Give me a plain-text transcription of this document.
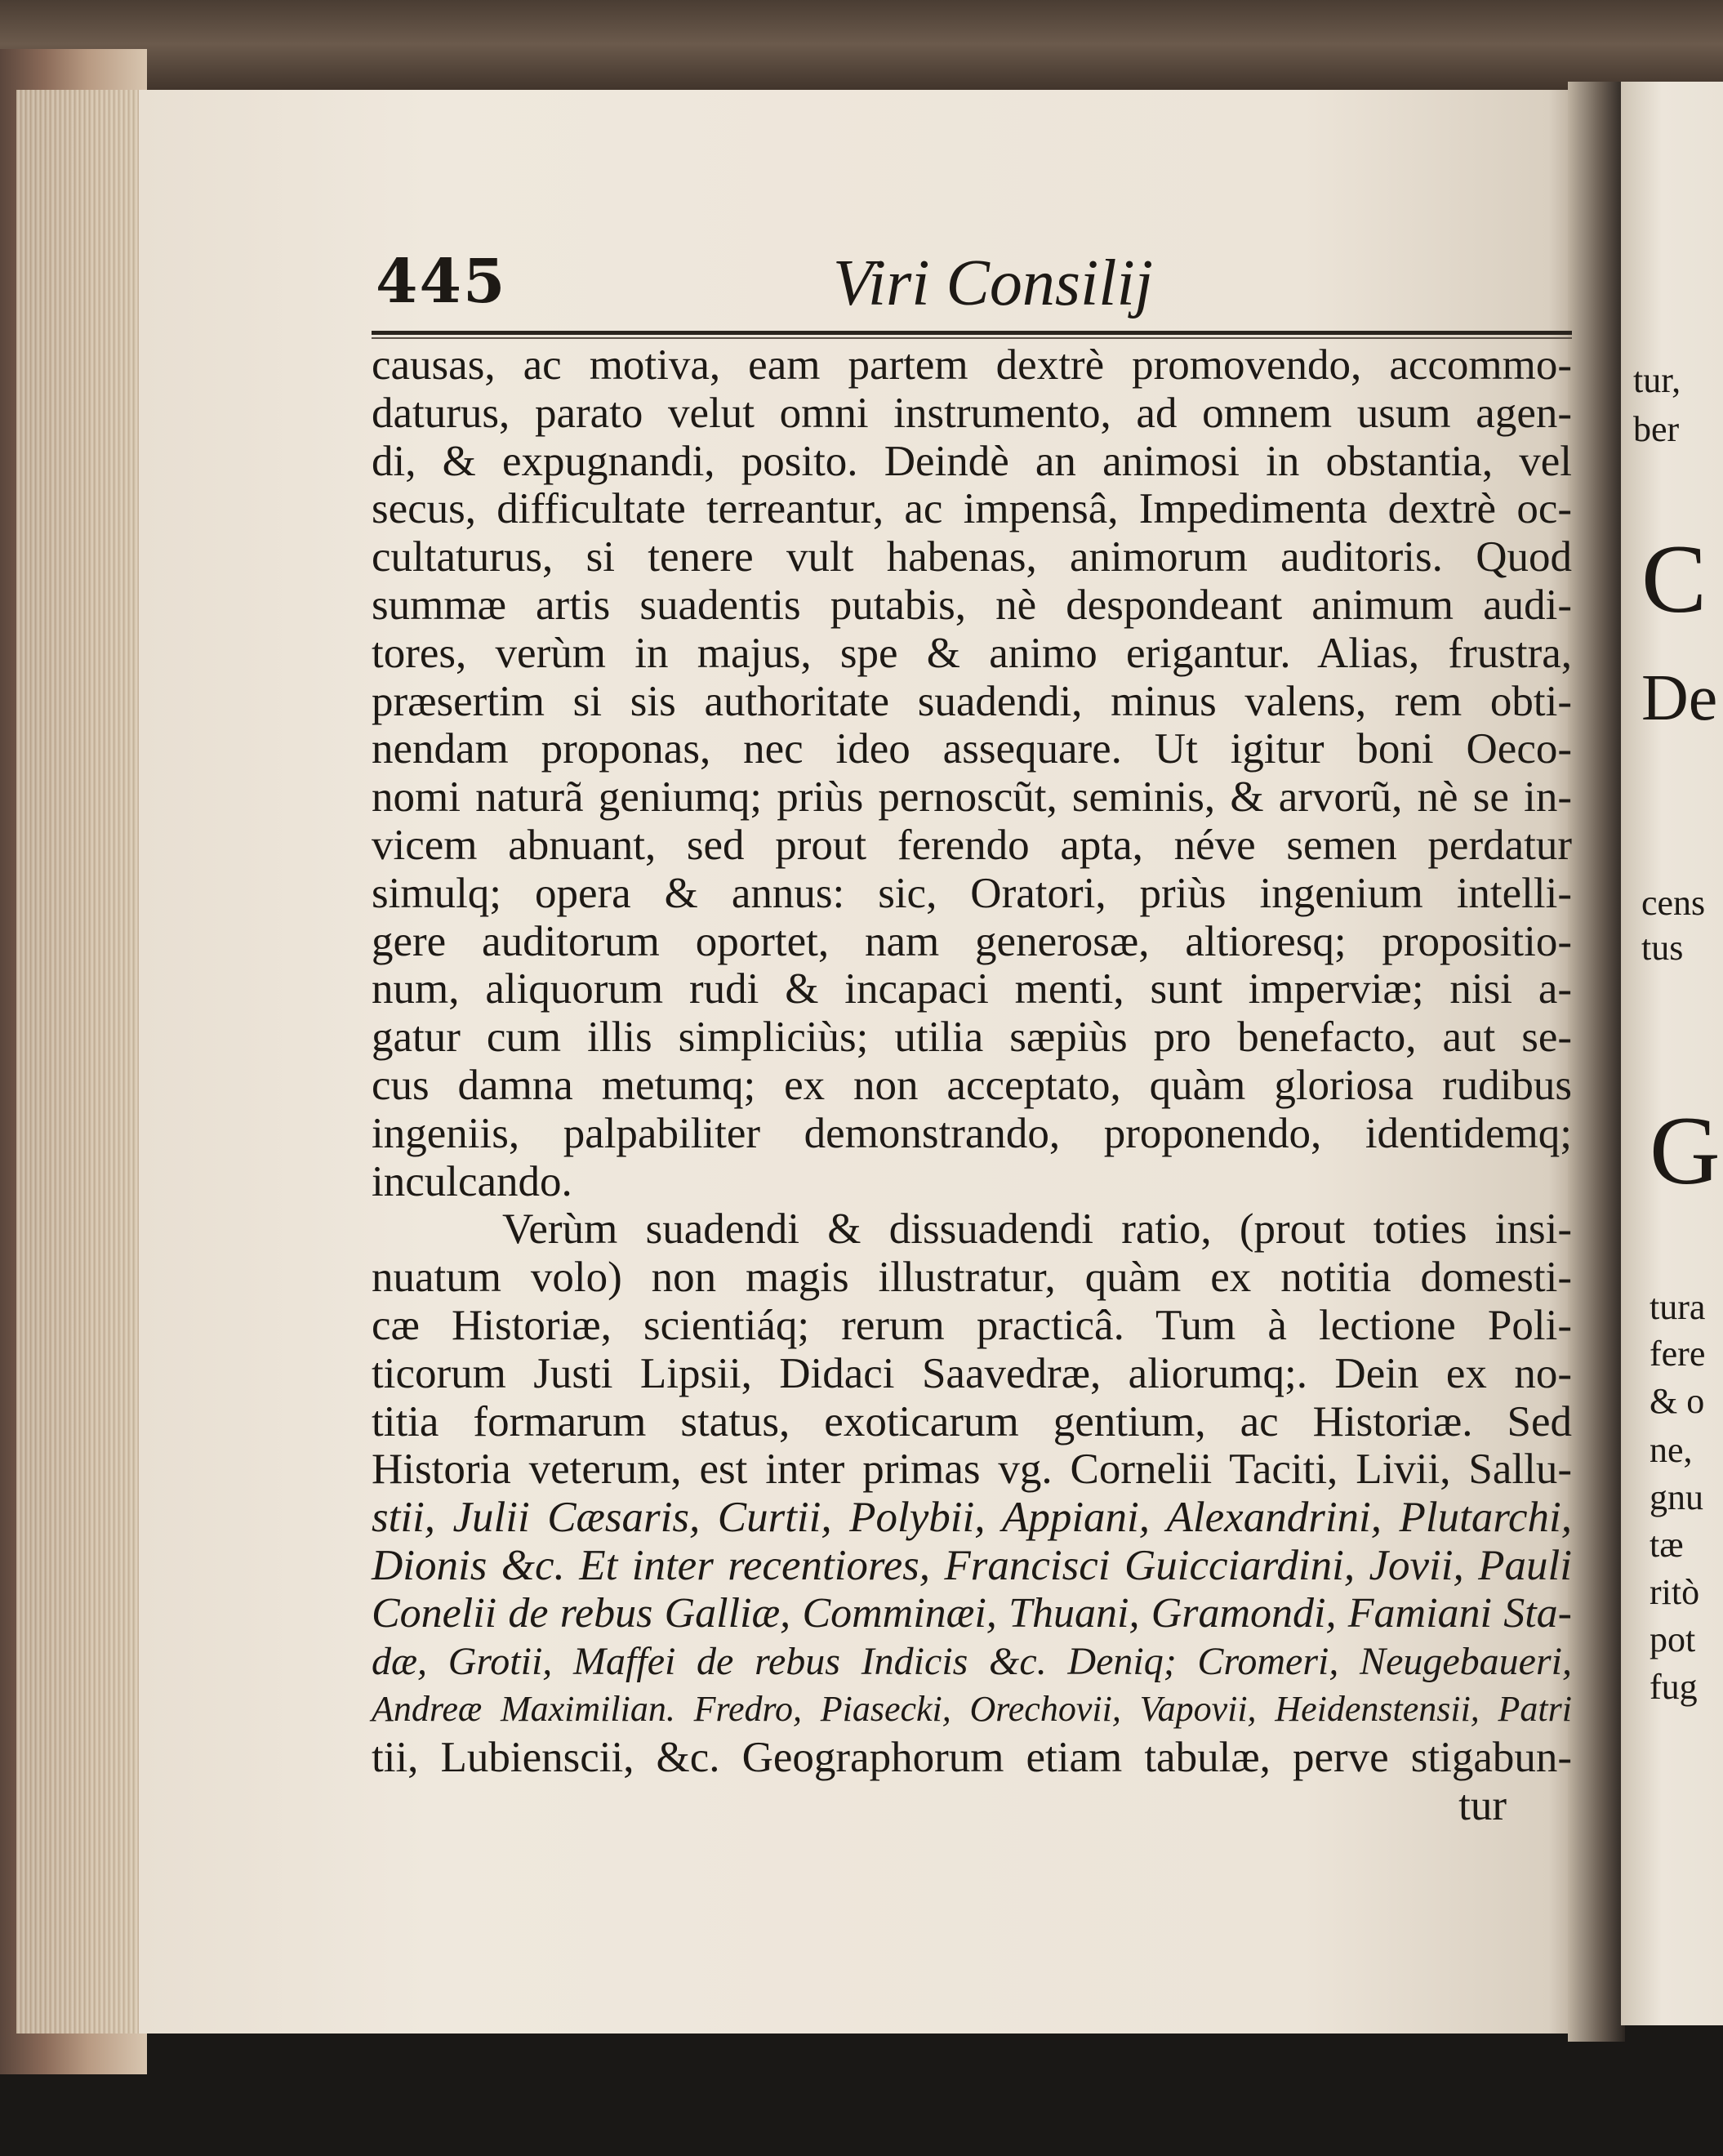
445	Viri Consilij
causas, ac motiva, eam partem dextrè promovendo, accommo-
daturus, parato velut omni instrumento, ad omnem usum agen-
di, & expugnandi, posito. Deindè an animosi in obstantia, vel
secus, difficultate terreantur, ac impensâ, Impedimenta dextrè oc-
cultaturus, si tenere vult habenas, animorum auditoris. Quod
summæ artis suadentis putabis, nè despondeant animum audi-
tores, verùm in majus, spe & animo erigantur. Alias, frustra,
præsertim si sis authoritate suadendi, minus valens, rem obti-
nendam proponas, nec ideo assequare. Ut igitur boni Oeco-
nomi naturã geniumq; priùs pernoscũt, seminis, & arvorũ, nè se in-
vicem abnuant, sed prout ferendo apta, néve semen perdatur
simulq; opera & annus: sic, Oratori, priùs ingenium intelli-
gere auditorum oportet, nam generosæ, altioresq; propositio-
num, aliquorum rudi & incapaci menti, sunt imperviæ; nisi a-
gatur cum illis simpliciùs; utilia sæpiùs pro benefacto, aut se-
cus damna metumq; ex non acceptato, quàm gloriosa rudibus
ingeniis, palpabiliter demonstrando, proponendo, identidemq;
inculcando.
Verùm suadendi & dissuadendi ratio, (prout toties insi-
nuatum volo) non magis illustratur, quàm ex notitia domesti-
cæ Historiæ, scientiáq; rerum practicâ. Tum à lectione Poli-
ticorum Justi Lipsii, Didaci Saavedræ, aliorumq;. Dein ex no-
titia formarum status, exoticarum gentium, ac Historiæ. Sed
Historia veterum, est inter primas vg. Cornelii Taciti, Livii, Sallu-
stii, Julii Cæsaris, Curtii, Polybii, Appiani, Alexandrini, Plutarchi,
Dionis &c. Et inter recentiores, Francisci Guicciardini, Jovii, Pauli
Conelii de rebus Galliæ, Comminæi, Thuani, Gramondi, Famiani Sta-
dæ, Grotii, Maffei de rebus Indicis &c. Deniq; Cromeri, Neugebaueri,
Andreæ Maximilian. Fredro, Piasecki, Orechovii, Vapovii, Heidenstensii, Patri
tii, Lubienscii, &c. Geographorum etiam tabulæ, perve stigabun-
tur
tur,
ber
C
De
cens
tus
G
tura
fere
& o
ne,
gnu
tæ
ritò
pot
fug
